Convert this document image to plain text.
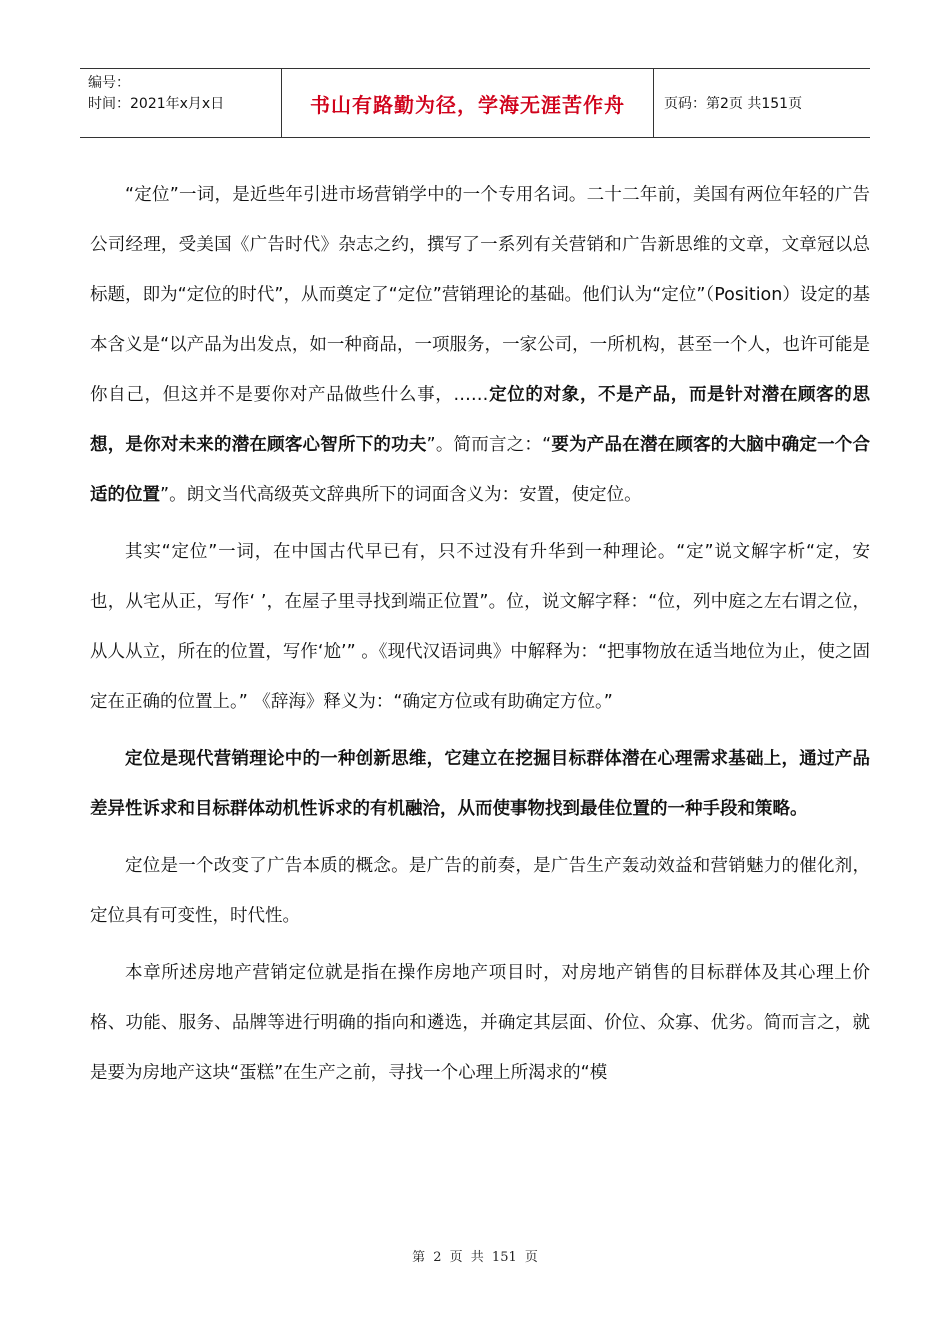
编号：
时间：2021年x月x日	书山有路勤为径，学海无涯苦作舟	页码：第2页 共151页

“定位”一词，是近些年引进市场营销学中的一个专用名词。二十二年前，美国有两位年轻的广告公司经理，受美国《广告时代》杂志之约，撰写了一系列有关营销和广告新思维的文章，文章冠以总标题，即为“定位的时代”，从而奠定了“定位”营销理论的基础。他们认为“定位”（Position）设定的基本含义是“以产品为出发点，如一种商品，一项服务，一家公司，一所机构，甚至一个人，也许可能是你自己，但这并不是要你对产品做些什么事，……定位的对象，不是产品，而是针对潜在顾客的思想，是你对未来的潜在顾客心智所下的功夫”。简而言之：“要为产品在潜在顾客的大脑中确定一个合适的位置”。朗文当代高级英文辞典所下的词面含义为：安置，使定位。

其实“定位”一词，在中国古代早已有，只不过没有升华到一种理论。“定”说文解字析“定，安也，从宅从正，写作‘ ’，在屋子里寻找到端正位置”。位，说文解字释：“位，列中庭之左右谓之位，从人从立，所在的位置，写作‘尬’” 。《现代汉语词典》中解释为：“把事物放在适当地位为止，使之固定在正确的位置上。” 《辞海》释义为：“确定方位或有助确定方位。”

定位是现代营销理论中的一种创新思维，它建立在挖掘目标群体潜在心理需求基础上，通过产品差异性诉求和目标群体动机性诉求的有机融洽，从而使事物找到最佳位置的一种手段和策略。

定位是一个改变了广告本质的概念。是广告的前奏，是广告生产轰动效益和营销魅力的催化剂，定位具有可变性，时代性。

本章所述房地产营销定位就是指在操作房地产项目时，对房地产销售的目标群体及其心理上价格、功能、服务、品牌等进行明确的指向和遴选，并确定其层面、价位、众寡、优劣。简而言之，就是要为房地产这块“蛋糕”在生产之前，寻找一个心理上所渴求的“模

第 2 页 共 151 页
